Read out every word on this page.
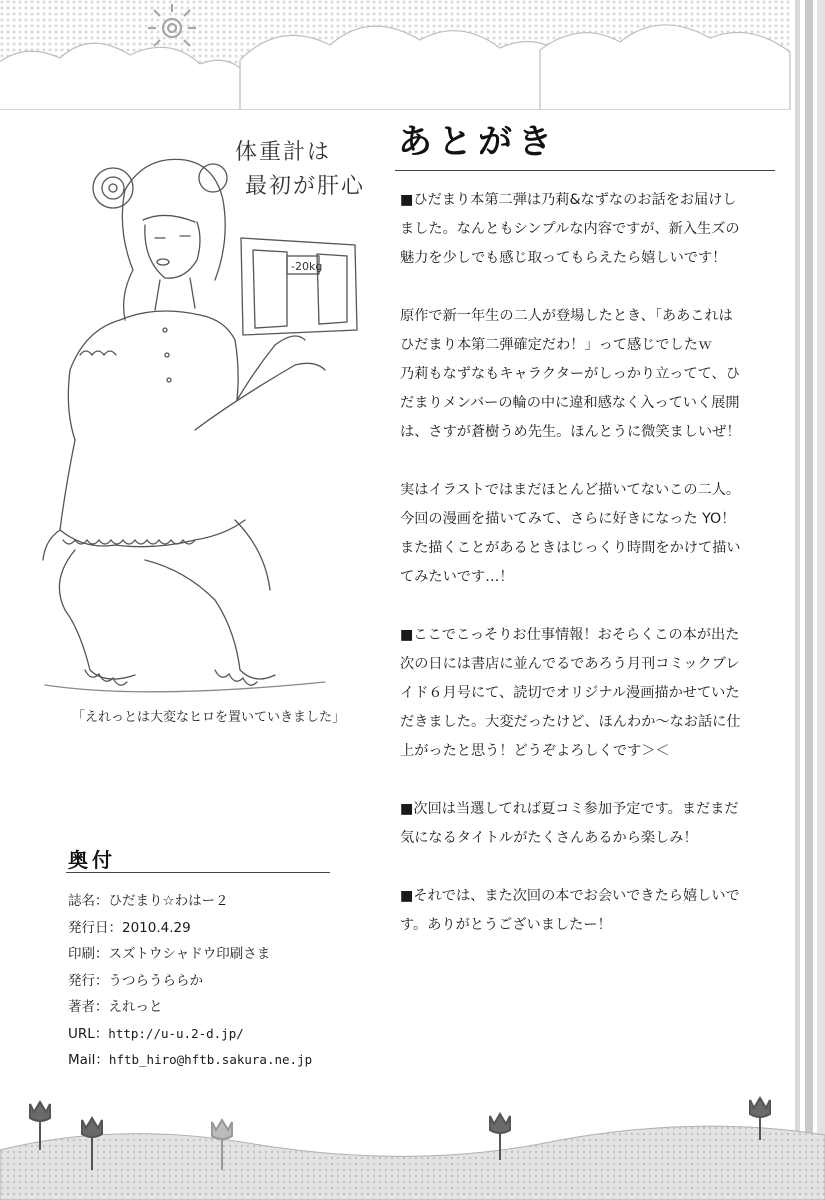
-20kg
体重計は
最初が肝心
「えれっとは大変なヒロを置いていきました」
あとがき

■ひだまり本第二弾は乃莉&なずなのお話をお届けし
ました。なんともシンプルな内容ですが、新入生ズの
魅力を少しでも感じ取ってもらえたら嬉しいです！

原作で新一年生の二人が登場したとき、「ああこれは
ひだまり本第二弾確定だわ！」って感じでしたｗ
乃莉もなずなもキャラクターがしっかり立ってて、ひ
だまりメンバーの輪の中に違和感なく入っていく展開
は、さすが蒼樹うめ先生。ほんとうに微笑ましいぜ！

実はイラストではまだほとんど描いてないこの二人。
今回の漫画を描いてみて、さらに好きになった YO！
また描くことがあるときはじっくり時間をかけて描い
てみたいです…！

■ここでこっそりお仕事情報！おそらくこの本が出た
次の日には書店に並んでるであろう月刊コミックブレ
イド６月号にて、読切でオリジナル漫画描かせていた
だきました。大変だったけど、ほんわか～なお話に仕
上がったと思う！どうぞよろしくです＞＜

■次回は当選してれば夏コミ参加予定です。まだまだ
気になるタイトルがたくさんあるから楽しみ！

■それでは、また次回の本でお会いできたら嬉しいで
す。ありがとうございましたー！

奥付
誌名： ひだまり☆わはー２
発行日： 2010.4.29
印刷： スズトウシャドウ印刷さま
発行： うつらうららか
著者： えれっと
URL： http://u-u.2-d.jp/
Mail： hftb_hiro@hftb.sakura.ne.jp
